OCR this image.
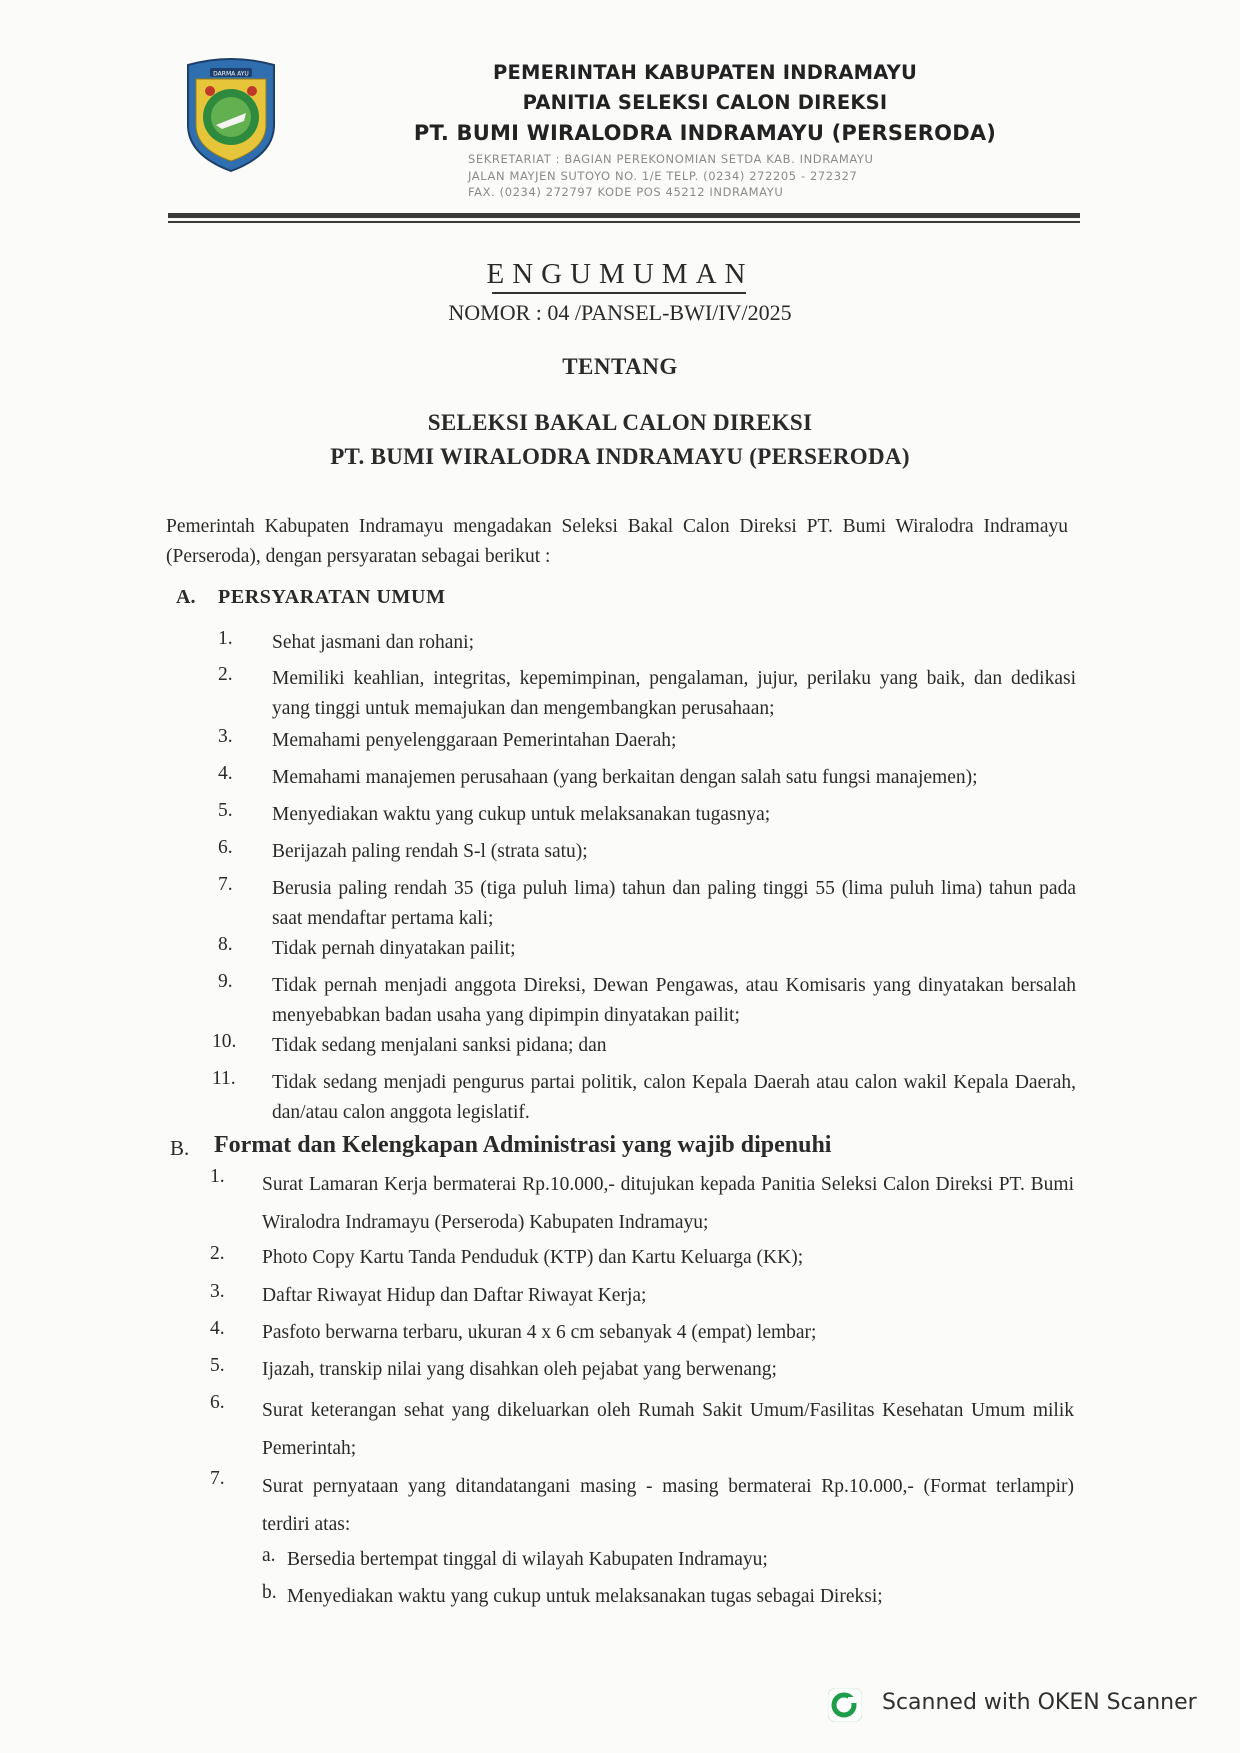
DARMA AYU	PEMERINTAH KABUPATEN INDRAMAYU
PANITIA SELEKSI CALON DIREKSI
PT. BUMI WIRALODRA INDRAMAYU (PERSERODA)
SEKRETARIAT : BAGIAN PEREKONOMIAN SETDA KAB. INDRAMAYU
JALAN MAYJEN SUTOYO NO. 1/E TELP. (0234) 272205 - 272327
FAX. (0234) 272797 KODE POS 45212 INDRAMAYU
ENGUMUMAN
NOMOR : 04 /PANSEL-BWI/IV/2025
TENTANG
SELEKSI BAKAL CALON DIREKSI
PT. BUMI WIRALODRA INDRAMAYU (PERSERODA)
Pemerintah Kabupaten Indramayu mengadakan Seleksi Bakal Calon Direksi PT. Bumi Wiralodra Indramayu (Perseroda), dengan persyaratan sebagai berikut :
A. PERSYARATAN UMUM
1. Sehat jasmani dan rohani;
2. Memiliki keahlian, integritas, kepemimpinan, pengalaman, jujur, perilaku yang baik, dan dedikasi yang tinggi untuk memajukan dan mengembangkan perusahaan;
3. Memahami penyelenggaraan Pemerintahan Daerah;
4. Memahami manajemen perusahaan (yang berkaitan dengan salah satu fungsi manajemen);
5. Menyediakan waktu yang cukup untuk melaksanakan tugasnya;
6. Berijazah paling rendah S-l (strata satu);
7. Berusia paling rendah 35 (tiga puluh lima) tahun dan paling tinggi 55 (lima puluh lima) tahun pada saat mendaftar pertama kali;
8. Tidak pernah dinyatakan pailit;
9. Tidak pernah menjadi anggota Direksi, Dewan Pengawas, atau Komisaris yang dinyatakan bersalah menyebabkan badan usaha yang dipimpin dinyatakan pailit;
10. Tidak sedang menjalani sanksi pidana; dan
11. Tidak sedang menjadi pengurus partai politik, calon Kepala Daerah atau calon wakil Kepala Daerah, dan/atau calon anggota legislatif.
B. Format dan Kelengkapan Administrasi yang wajib dipenuhi
1. Surat Lamaran Kerja bermaterai Rp.10.000,- ditujukan kepada Panitia Seleksi Calon Direksi PT. Bumi Wiralodra Indramayu (Perseroda) Kabupaten Indramayu;
2. Photo Copy Kartu Tanda Penduduk (KTP) dan Kartu Keluarga (KK);
3. Daftar Riwayat Hidup dan Daftar Riwayat Kerja;
4. Pasfoto berwarna terbaru, ukuran 4 x 6 cm sebanyak 4 (empat) lembar;
5. Ijazah, transkip nilai yang disahkan oleh pejabat yang berwenang;
6. Surat keterangan sehat yang dikeluarkan oleh Rumah Sakit Umum/Fasilitas Kesehatan Umum milik Pemerintah;
7. Surat pernyataan yang ditandatangani masing - masing bermaterai Rp.10.000,- (Format terlampir) terdiri atas:
a. Bersedia bertempat tinggal di wilayah Kabupaten Indramayu;
b. Menyediakan waktu yang cukup untuk melaksanakan tugas sebagai Direksi;
Scanned with OKEN Scanner
